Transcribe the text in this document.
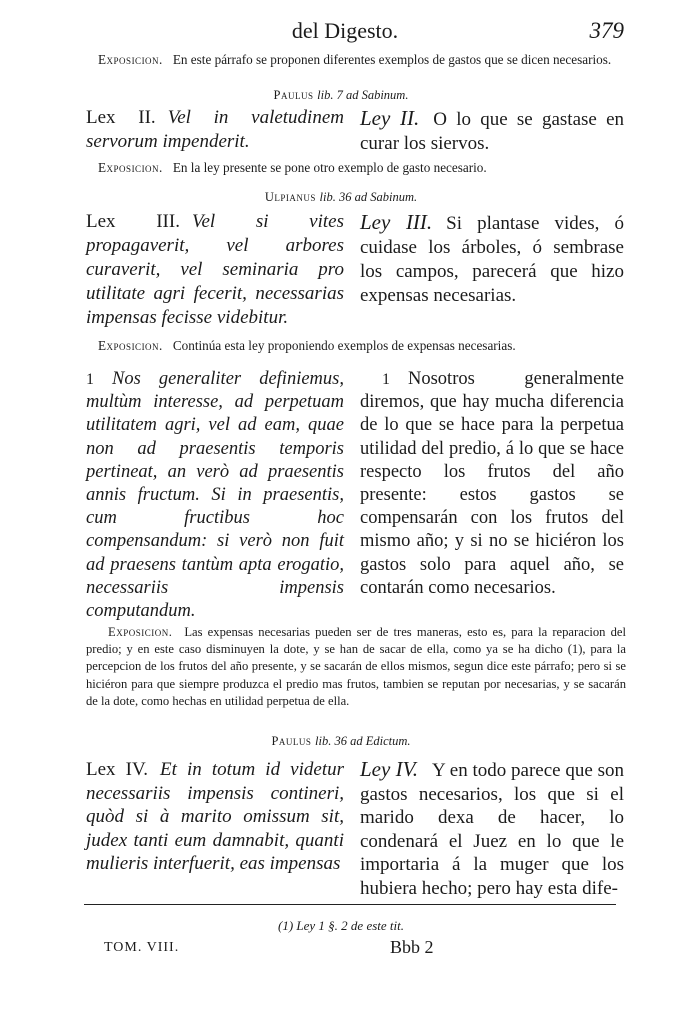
del Digesto.	379
Exposicion. En este párrafo se proponen diferentes exemplos de gastos que se dicen necesarios.
Paulus lib. 7 ad Sabinum.
Lex II. Vel in valetudinem servorum impenderit.
Ley II. O lo que se gastase en curar los siervos.
Exposicion. En la ley presente se pone otro exemplo de gasto necesario.
Ulpianus lib. 36 ad Sabinum.
Lex III. Vel si vites propagaverit, vel arbores curaverit, vel seminaria pro utilitate agri fecerit, necessarias impensas fecisse videbitur.
Ley III. Si plantase vides, ó cuidase los árboles, ó sembrase los campos, parecerá que hizo expensas necesarias.
Exposicion. Continúa esta ley proponiendo exemplos de expensas necesarias.
1 Nos generaliter definiemus, multùm interesse, ad perpetuam utilitatem agri, vel ad eam, quae non ad praesentis temporis pertineat, an verò ad praesentis annis fructum. Si in praesentis, cum fructibus hoc compensandum: si verò non fuit ad praesens tantùm apta erogatio, necessariis impensis computandum.
1 Nosotros generalmente diremos, que hay mucha diferencia de lo que se hace para la perpetua utilidad del predio, á lo que se hace respecto los frutos del año presente: estos gastos se compensarán con los frutos del mismo año; y si no se hiciéron los gastos solo para aquel año, se contarán como necesarios.
Exposicion. Las expensas necesarias pueden ser de tres maneras, esto es, para la reparacion del predio; y en este caso disminuyen la dote, y se han de sacar de ella, como ya se ha dicho (1), para la percepcion de los frutos del año presente, y se sacarán de ellos mismos, segun dice este párrafo; pero si se hiciéron para que siempre produzca el predio mas frutos, tambien se reputan por necesarias, y se sacarán de la dote, como hechas en utilidad perpetua de ella.
Paulus lib. 36 ad Edictum.
Lex IV. Et in totum id videtur necessariis impensis contineri, quòd si à marito omissum sit, judex tanti eum damnabit, quanti mulieris interfuerit, eas impensas
Ley IV. Y en todo parece que son gastos necesarios, los que si el marido dexa de hacer, lo condenará el Juez en lo que le importaria á la muger que los hubiera hecho; pero hay esta dife-
(1) Ley 1 §. 2 de este tit.
TOM. VIII.	Bbb 2
